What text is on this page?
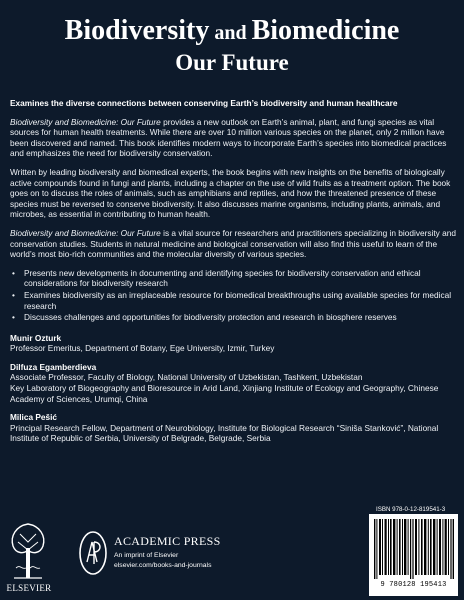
Biodiversity and Biomedicine
Our Future

Examines the diverse connections between conserving Earth’s biodiversity and human healthcare

Biodiversity and Biomedicine: Our Future provides a new outlook on Earth’s animal, plant, and fungi species as vital sources for human health treatments. While there are over 10 million various species on the planet, only 2 million have been discovered and named. This book identifies modern ways to incorporate Earth’s species into biomedical practices and emphasizes the need for biodiversity conservation.

Written by leading biodiversity and biomedical experts, the book begins with new insights on the benefits of biologically active compounds found in fungi and plants, including a chapter on the use of wild fruits as a treatment option. The book goes on to discuss the roles of animals, such as amphibians and reptiles, and how the threatened presence of these species must be reversed to conserve biodiversity. It also discusses marine organisms, including plants, animals, and microbes, as essential in contributing to human health.

Biodiversity and Biomedicine: Our Future is a vital source for researchers and practitioners specializing in biodiversity and conservation studies. Students in natural medicine and biological conservation will also find this useful to learn of the world’s most bio-rich communities and the molecular diversity of various species.

• Presents new developments in documenting and identifying species for biodiversity conservation and ethical considerations for biodiversity research
• Examines biodiversity as an irreplaceable resource for biomedical breakthroughs using available species for medical research
• Discusses challenges and opportunities for biodiversity protection and research in biosphere reserves
Munir Ozturk
Professor Emeritus, Department of Botany, Ege University, Izmir, Turkey
Dilfuza Egamberdieva
Associate Professor, Faculty of Biology, National University of Uzbekistan, Tashkent, Uzbekistan
Key Laboratory of Biogeography and Bioresource in Arid Land, Xinjiang Institute of Ecology and Geography, Chinese Academy of Sciences, Urumqi, China
Milica Pešić
Principal Research Fellow, Department of Neurobiology, Institute for Biological Research “Siniša Stanković”, National Institute of Republic of Serbia, University of Belgrade, Belgrade, Serbia
ELSEVIER
ACADEMIC PRESS
An imprint of Elsevier
elsevier.com/books-and-journals
ISBN 978-0-12-819541-3
9 780128 195413
